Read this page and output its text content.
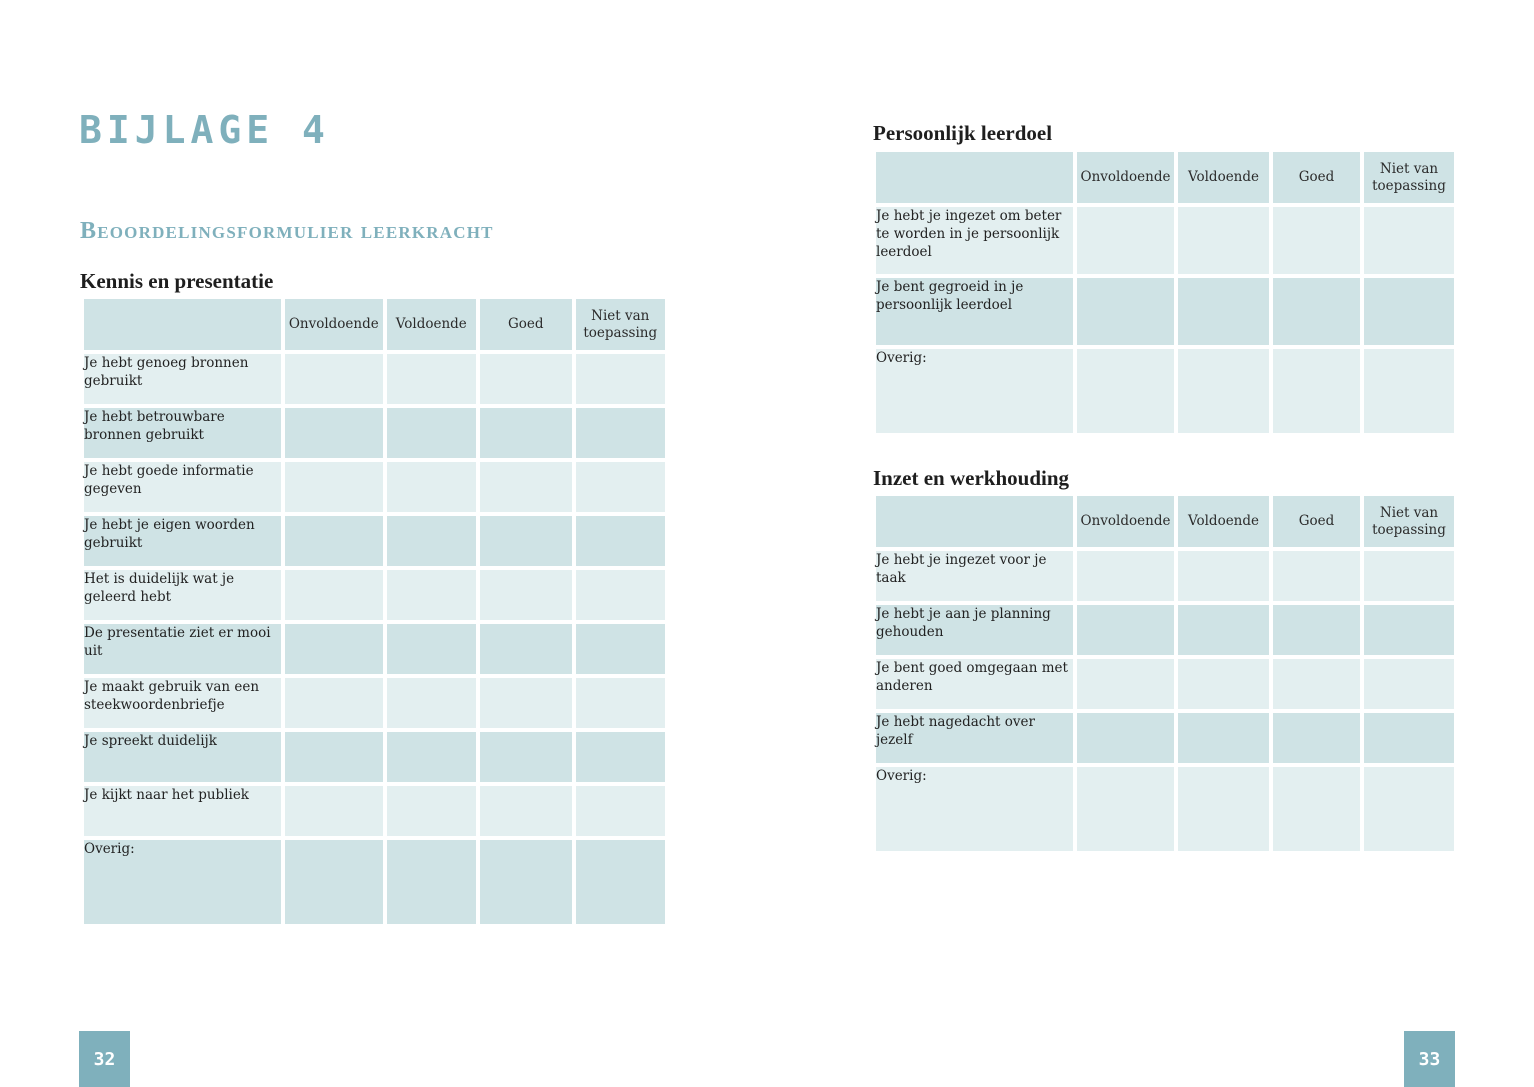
BIJLAGE 4
Beoordelingsformulier leerkracht
Kennis en presentatie
	Onvoldoende	Voldoende	Goed	Niet van toepassing
Je hebt genoeg bronnen gebruikt				
Je hebt betrouwbare bronnen gebruikt				
Je hebt goede informatie gegeven				
Je hebt je eigen woorden gebruikt				
Het is duidelijk wat je geleerd hebt				
De presentatie ziet er mooi uit				
Je maakt gebruik van een steekwoordenbriefje				
Je spreekt duidelijk				
Je kijkt naar het publiek				
Overig:				
32
Persoonlijk leerdoel
	Onvoldoende	Voldoende	Goed	Niet van toepassing
Je hebt je ingezet om beter te worden in je persoonlijk leerdoel				
Je bent gegroeid in je persoonlijk leerdoel				
Overig:				
Inzet en werkhouding
	Onvoldoende	Voldoende	Goed	Niet van toepassing
Je hebt je ingezet voor je taak				
Je hebt je aan je planning gehouden				
Je bent goed omgegaan met anderen				
Je hebt nagedacht over jezelf				
Overig:				
33
